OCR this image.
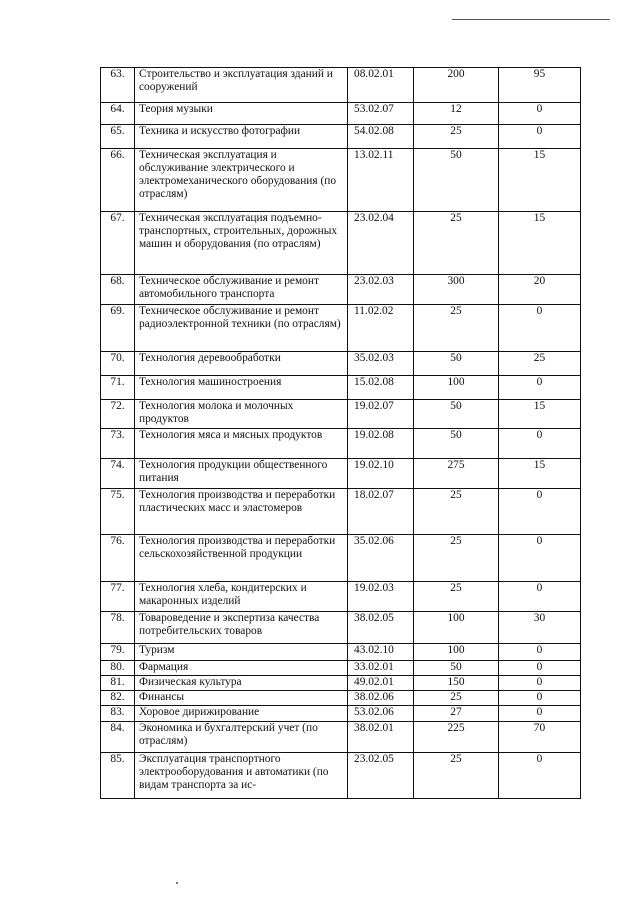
63.	Строительство и эксплуатация зданий и сооружений	08.02.01	200	95
64.	Теория музыки	53.02.07	12	0
65.	Техника и искусство фотографии	54.02.08	25	0
66.	Техническая эксплуатация и обслуживание электрического и электромеханического оборудования (по отраслям)	13.02.11	50	15
67.	Техническая эксплуатация подъемно-транспортных, строительных, дорожных машин и оборудования (по отраслям)	23.02.04	25	15
68.	Техническое обслуживание и ремонт автомобильного транспорта	23.02.03	300	20
69.	Техническое обслуживание и ремонт радиоэлектронной техники (по отраслям)	11.02.02	25	0
70.	Технология деревообработки	35.02.03	50	25
71.	Технология машиностроения	15.02.08	100	0
72.	Технология молока и молочных продуктов	19.02.07	50	15
73.	Технология мяса и мясных продуктов	19.02.08	50	0
74.	Технология продукции общественного питания	19.02.10	275	15
75.	Технология производства и переработки пластических масс и эластомеров	18.02.07	25	0
76.	Технология производства и переработки сельскохозяйственной продукции	35.02.06	25	0
77.	Технология хлеба, кондитерских и макаронных изделий	19.02.03	25	0
78.	Товароведение и экспертиза качества потребительских товаров	38.02.05	100	30
79.	Туризм	43.02.10	100	0
80.	Фармация	33.02.01	50	0
81.	Физическая культура	49.02.01	150	0
82.	Финансы	38.02.06	25	0
83.	Хоровое дирижирование	53.02.06	27	0
84.	Экономика и бухгалтерский учет (по отраслям)	38.02.01	225	70
85.	Эксплуатация транспортного электрооборудования и автоматики (по видам транспорта за ис-	23.02.05	25	0
